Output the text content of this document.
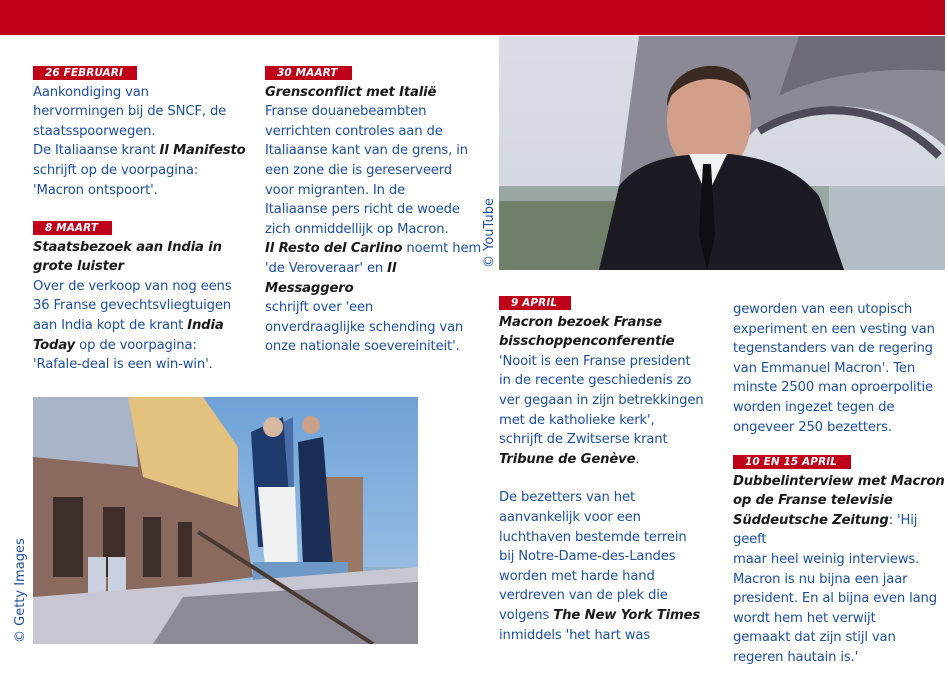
26 FEBRUARI
Aankondiging van
hervormingen bij de SNCF, de
staatsspoorwegen.
De Italiaanse krant Il Manifesto
schrijft op de voorpagina:
'Macron ontspoort'.
8 MAART
Staatsbezoek aan India in
grote luister
Over de verkoop van nog eens
36 Franse gevechtsvliegtuigen
aan India kopt de krant India
Today op de voorpagina:
'Rafale-deal is een win-win'.
30 MAART
Grensconflict met Italië
Franse douanebeambten
verrichten controles aan de
Italiaanse kant van de grens, in
een zone die is gereserveerd
voor migranten. In de
Italiaanse pers richt de woede
zich onmiddellijk op Macron.
Il Resto del Carlino noemt hem
'de Veroveraar' en Il Messaggero
schrijft over 'een
onverdraaglijke schending van
onze nationale soevereiniteit'.
© YouTube
9 APRIL
Macron bezoek Franse
bisschoppenconferentie
'Nooit is een Franse president
in de recente geschiedenis zo
ver gegaan in zijn betrekkingen
met de katholieke kerk',
schrijft de Zwitserse krant
Tribune de Genève.
De bezetters van het
aanvankelijk voor een
luchthaven bestemde terrein
bij Notre-Dame-des-Landes
worden met harde hand
verdreven van de plek die
volgens The New York Times
inmiddels 'het hart was
geworden van een utopisch
experiment en een vesting van
tegenstanders van de regering
van Emmanuel Macron'. Ten
minste 2500 man oproerpolitie
worden ingezet tegen de
ongeveer 250 bezetters.
10 EN 15 APRIL
Dubbelinterview met Macron
op de Franse televisie
Süddeutsche Zeitung: 'Hij geeft
maar heel weinig interviews.
Macron is nu bijna een jaar
president. En al bijna even lang
wordt hem het verwijt
gemaakt dat zijn stijl van
regeren hautain is.'
© Getty Images
